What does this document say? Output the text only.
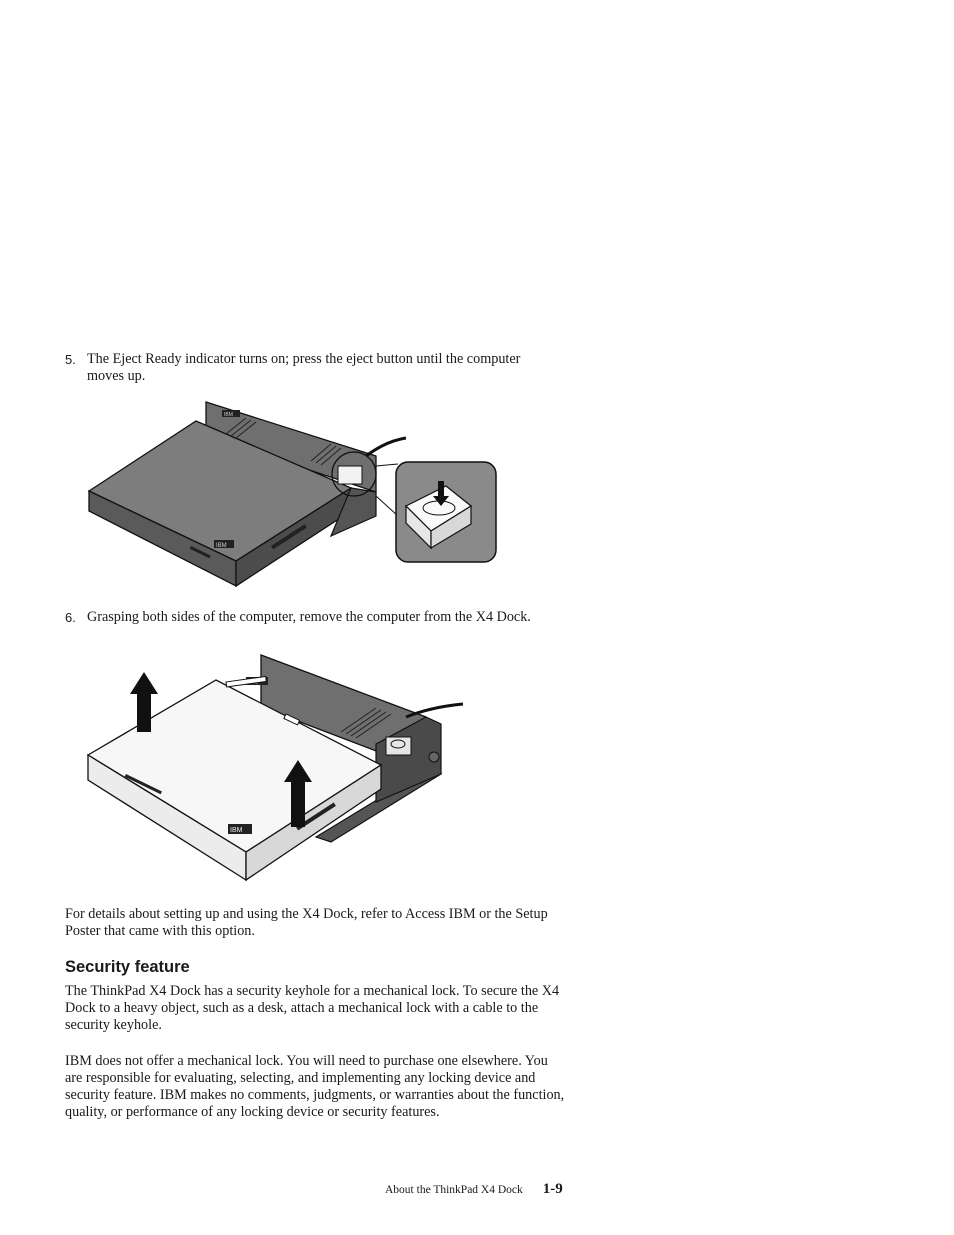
5. The Eject Ready indicator turns on; press the eject button until the computer moves up.
IBM
IBM
6. Grasping both sides of the computer, remove the computer from the X4 Dock.
IBM

For details about setting up and using the X4 Dock, refer to Access IBM or the Setup Poster that came with this option.

Security feature

The ThinkPad X4 Dock has a security keyhole for a mechanical lock. To secure the X4 Dock to a heavy object, such as a desk, attach a mechanical lock with a cable to the security keyhole.

IBM does not offer a mechanical lock. You will need to purchase one elsewhere. You are responsible for evaluating, selecting, and implementing any locking device and security feature. IBM makes no comments, judgments, or warranties about the function, quality, or performance of any locking device or security features.

About the ThinkPad X4 Dock 1-9
